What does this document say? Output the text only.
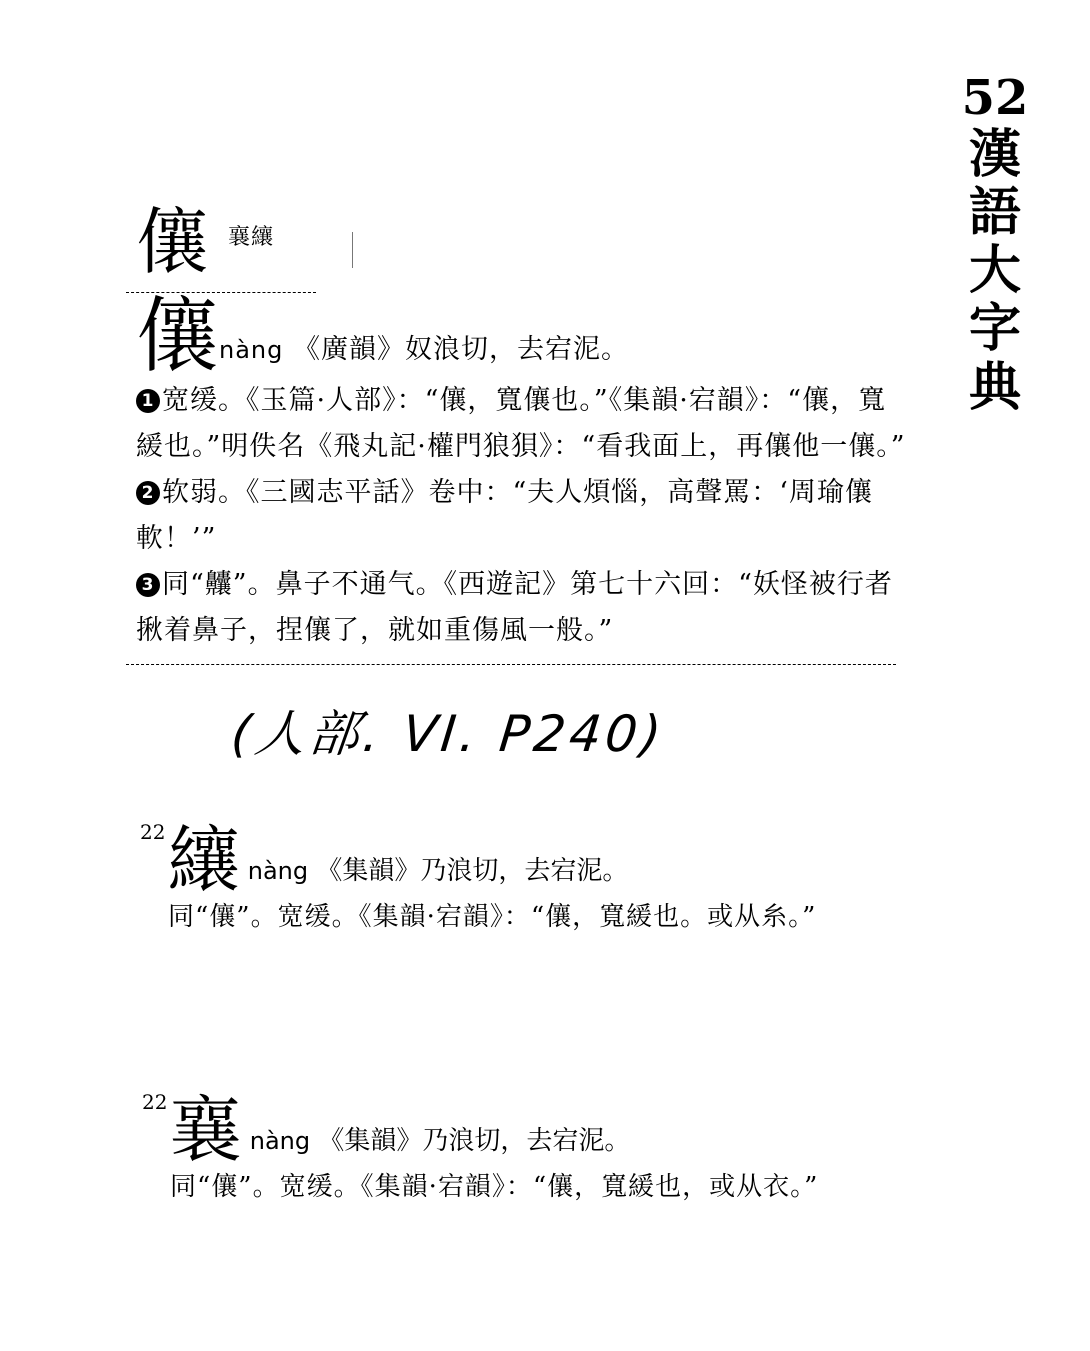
52
漢
語
大
字
典
儴 襄纕
儴nàng 《廣韻》奴浪切，去宕泥。
1 宽缓。《玉篇·人部》：“儴，寬儴也。”《集韻·宕韻》：“儴，寬緩也。”明佚名《飛丸記·權門狼狽》：“看我面上，再儴他一儴。”
2 软弱。《三國志平話》卷中：“夫人煩惱，高聲罵：‘周瑜儴軟！’”
3 同“齉”。鼻子不通气。《西遊記》第七十六回：“妖怪被行者揪着鼻子，捏儴了，就如重傷風一般。”
(人部. VI. P240)
$^{22}$纕 nàng 《集韻》乃浪切，去宕泥。
同“儴”。宽缓。《集韻·宕韻》：“儴，寬緩也。或从糸。”
$^{22}$襄 nàng 《集韻》乃浪切，去宕泥。
同“儴”。宽缓。《集韻·宕韻》：“儴，寬緩也，或从衣。”
